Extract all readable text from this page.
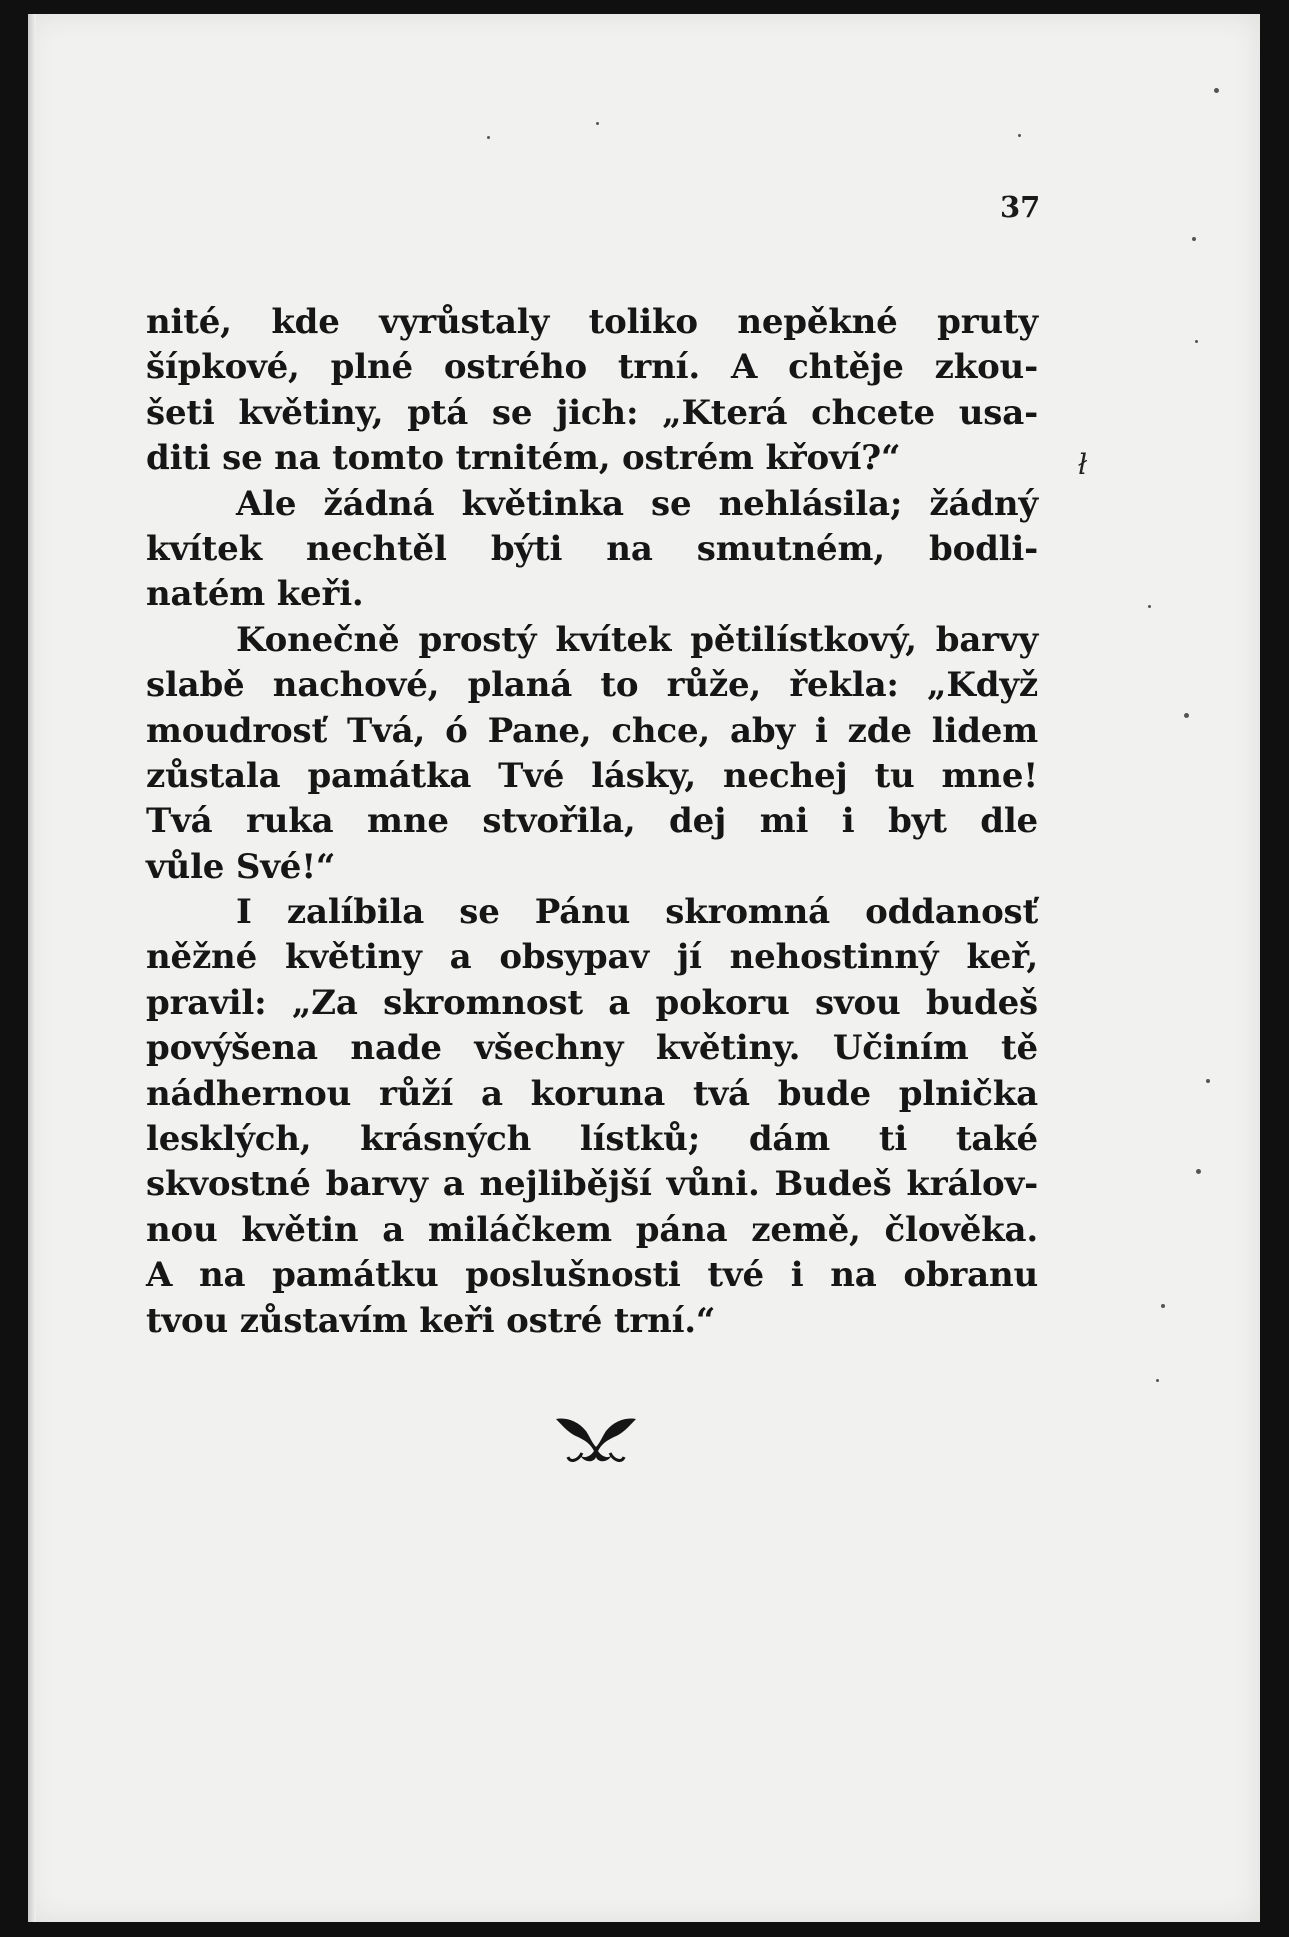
37
ł
nité, kde vyrůstaly toliko nepěkné pruty
šípkové, plné ostrého trní. A chtěje zkou-
šeti květiny, ptá se jich: „Která chcete usa-
diti se na tomto trnitém, ostrém křoví?“
Ale žádná květinka se nehlásila; žádný
kvítek nechtěl býti na smutném, bodli-
natém keři.
Konečně prostý kvítek pětilístkový, barvy
slabě nachové, planá to růže, řekla: „Když
moudrosť Tvá, ó Pane, chce, aby i zde lidem
zůstala památka Tvé lásky, nechej tu mne!
Tvá ruka mne stvořila, dej mi i byt dle
vůle Své!“
I zalíbila se Pánu skromná oddanosť
něžné květiny a obsypav jí nehostinný keř,
pravil: „Za skromnost a pokoru svou budeš
povýšena nade všechny květiny. Učiním tě
nádhernou růží a koruna tvá bude plnička
lesklých, krásných lístků; dám ti také
skvostné barvy a nejlibější vůni. Budeš králov-
nou květin a miláčkem pána země, člověka.
A na památku poslušnosti tvé i na obranu
tvou zůstavím keři ostré trní.“
